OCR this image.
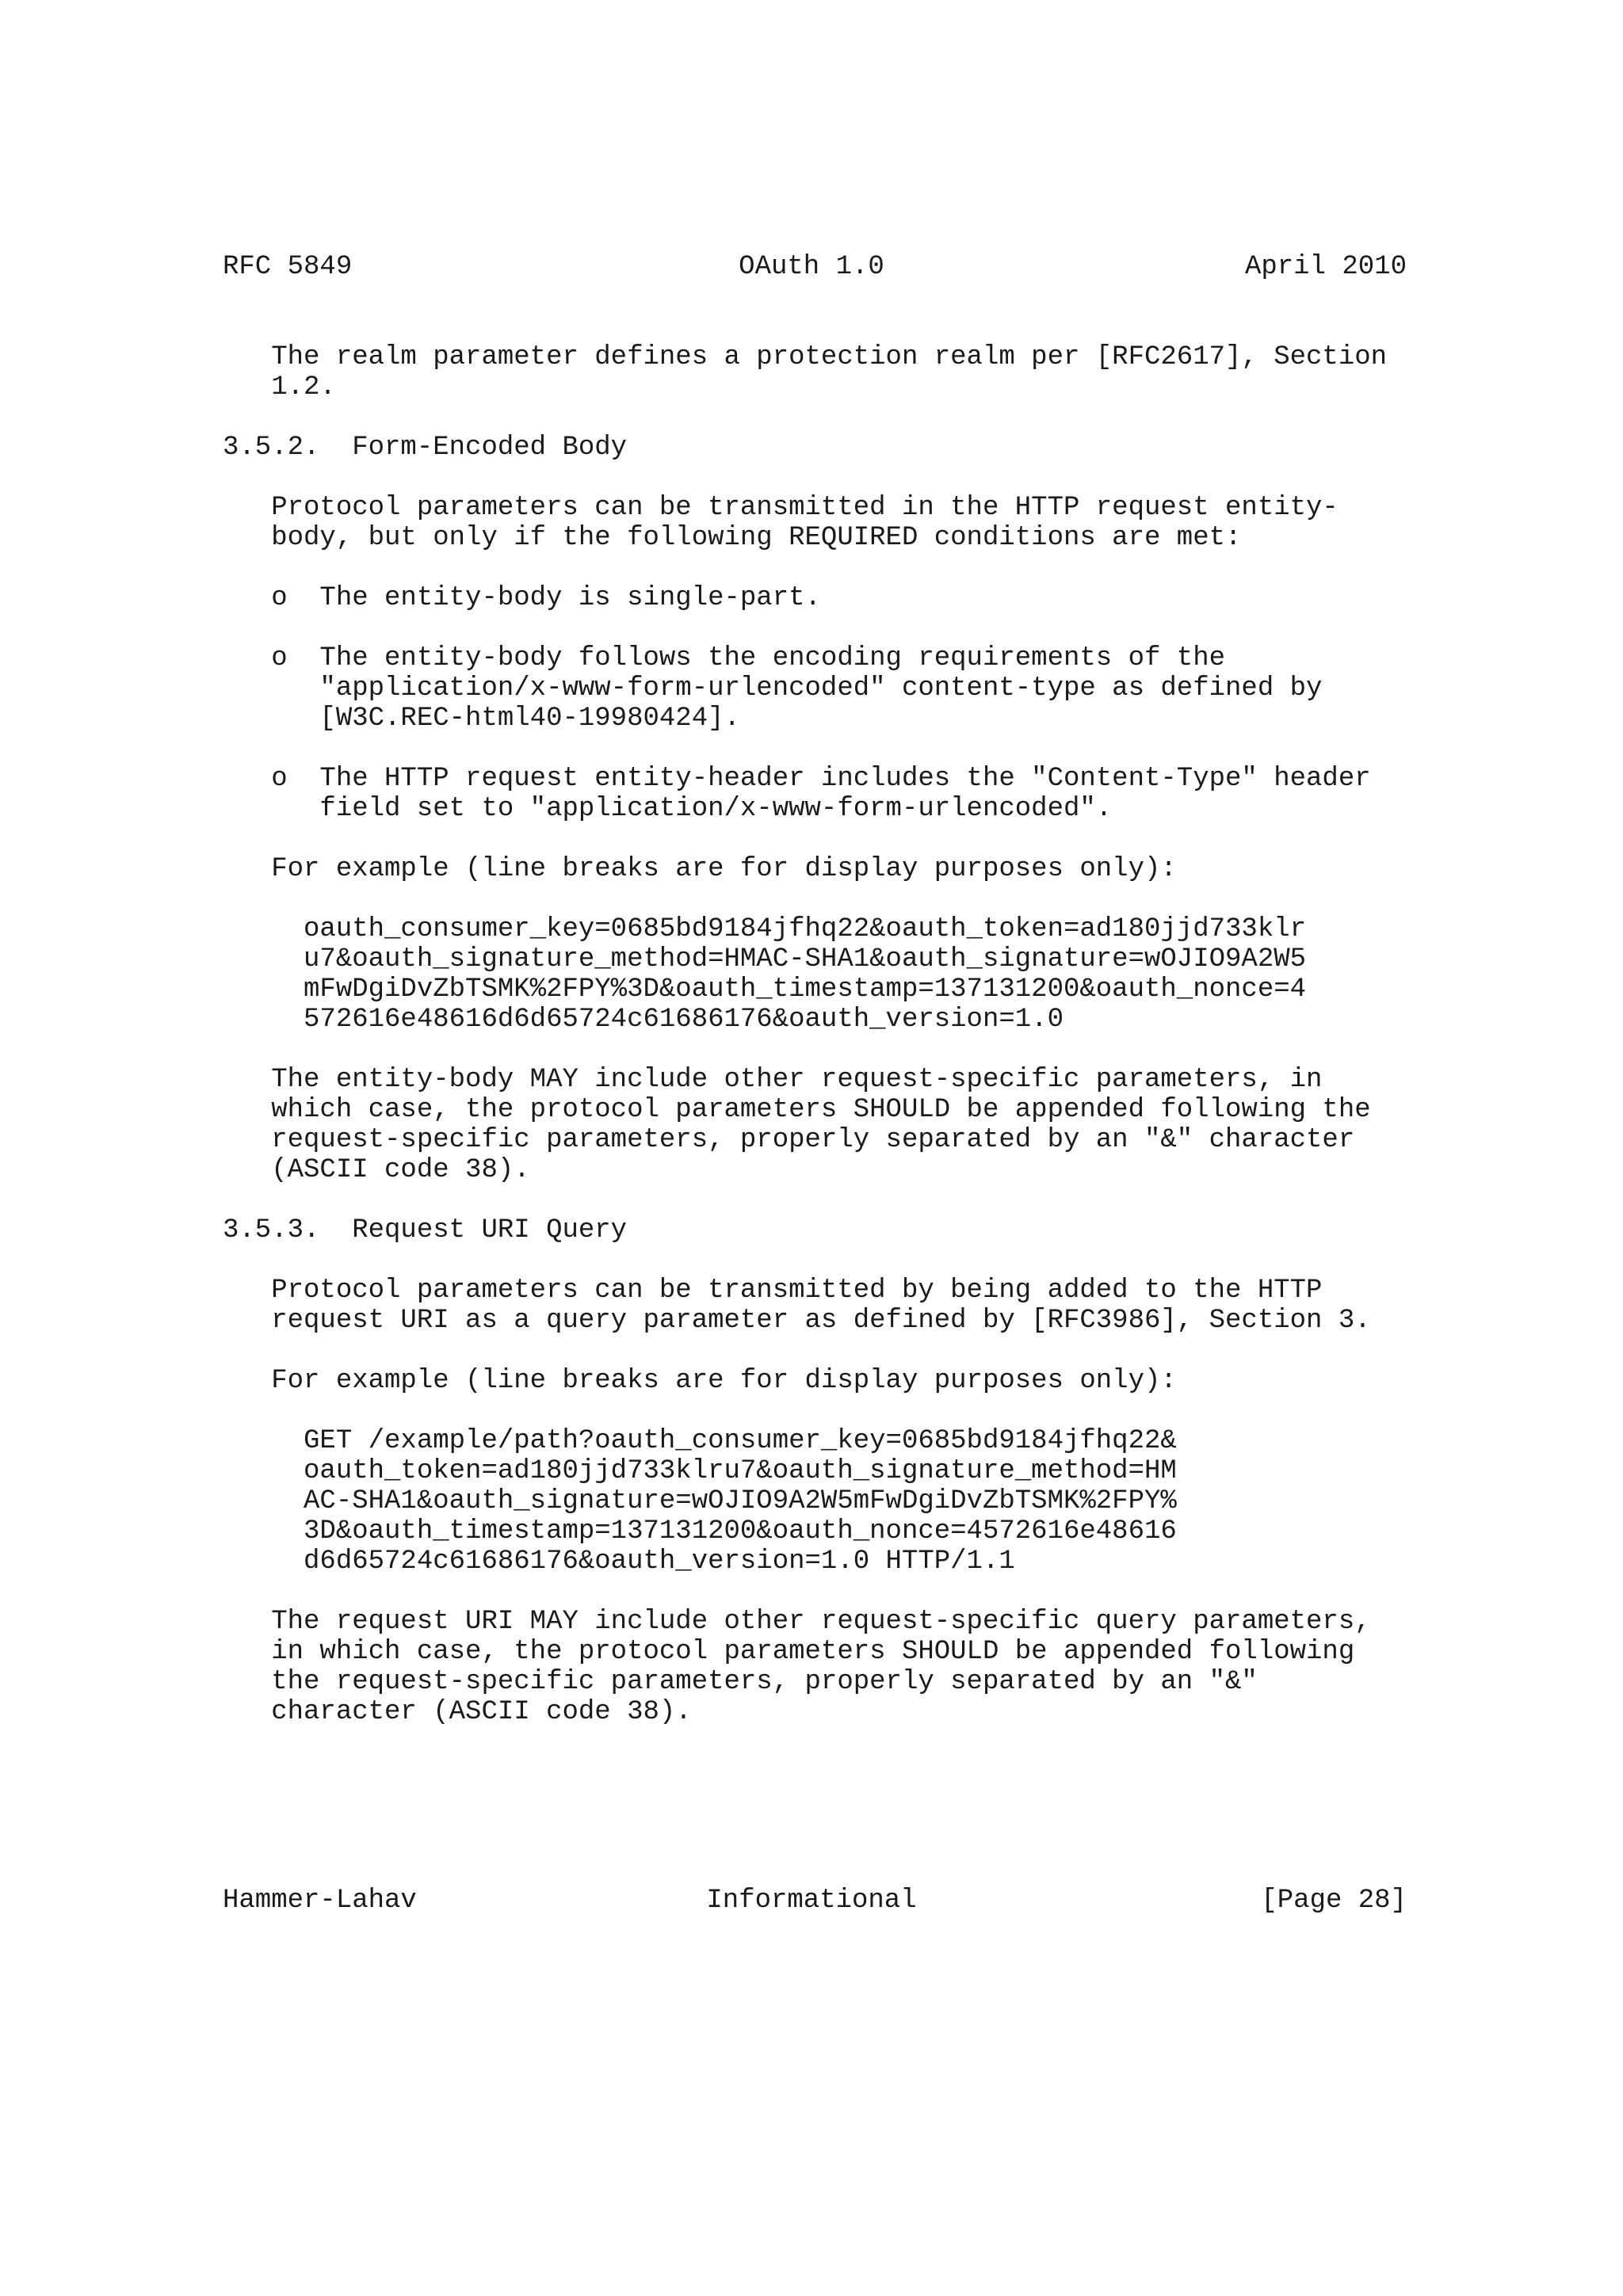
RFC 5849	OAuth 1.0	April 2010
The realm parameter defines a protection realm per [RFC2617], Section
1.2.
3.5.2.  Form-Encoded Body
Protocol parameters can be transmitted in the HTTP request entity-
body, but only if the following REQUIRED conditions are met:
o  The entity-body is single-part.
o  The entity-body follows the encoding requirements of the
"application/x-www-form-urlencoded" content-type as defined by
[W3C.REC-html40-19980424].
o  The HTTP request entity-header includes the "Content-Type" header
field set to "application/x-www-form-urlencoded".
For example (line breaks are for display purposes only):
oauth_consumer_key=0685bd9184jfhq22&oauth_token=ad180jjd733klr
u7&oauth_signature_method=HMAC-SHA1&oauth_signature=wOJIO9A2W5
mFwDgiDvZbTSMK%2FPY%3D&oauth_timestamp=137131200&oauth_nonce=4
572616e48616d6d65724c61686176&oauth_version=1.0
The entity-body MAY include other request-specific parameters, in
which case, the protocol parameters SHOULD be appended following the
request-specific parameters, properly separated by an "&" character
(ASCII code 38).
3.5.3.  Request URI Query
Protocol parameters can be transmitted by being added to the HTTP
request URI as a query parameter as defined by [RFC3986], Section 3.
For example (line breaks are for display purposes only):
GET /example/path?oauth_consumer_key=0685bd9184jfhq22&
oauth_token=ad180jjd733klru7&oauth_signature_method=HM
AC-SHA1&oauth_signature=wOJIO9A2W5mFwDgiDvZbTSMK%2FPY%
3D&oauth_timestamp=137131200&oauth_nonce=4572616e48616
d6d65724c61686176&oauth_version=1.0 HTTP/1.1
The request URI MAY include other request-specific query parameters,
in which case, the protocol parameters SHOULD be appended following
the request-specific parameters, properly separated by an "&"
character (ASCII code 38).
Hammer-Lahav	Informational	[Page 28]
